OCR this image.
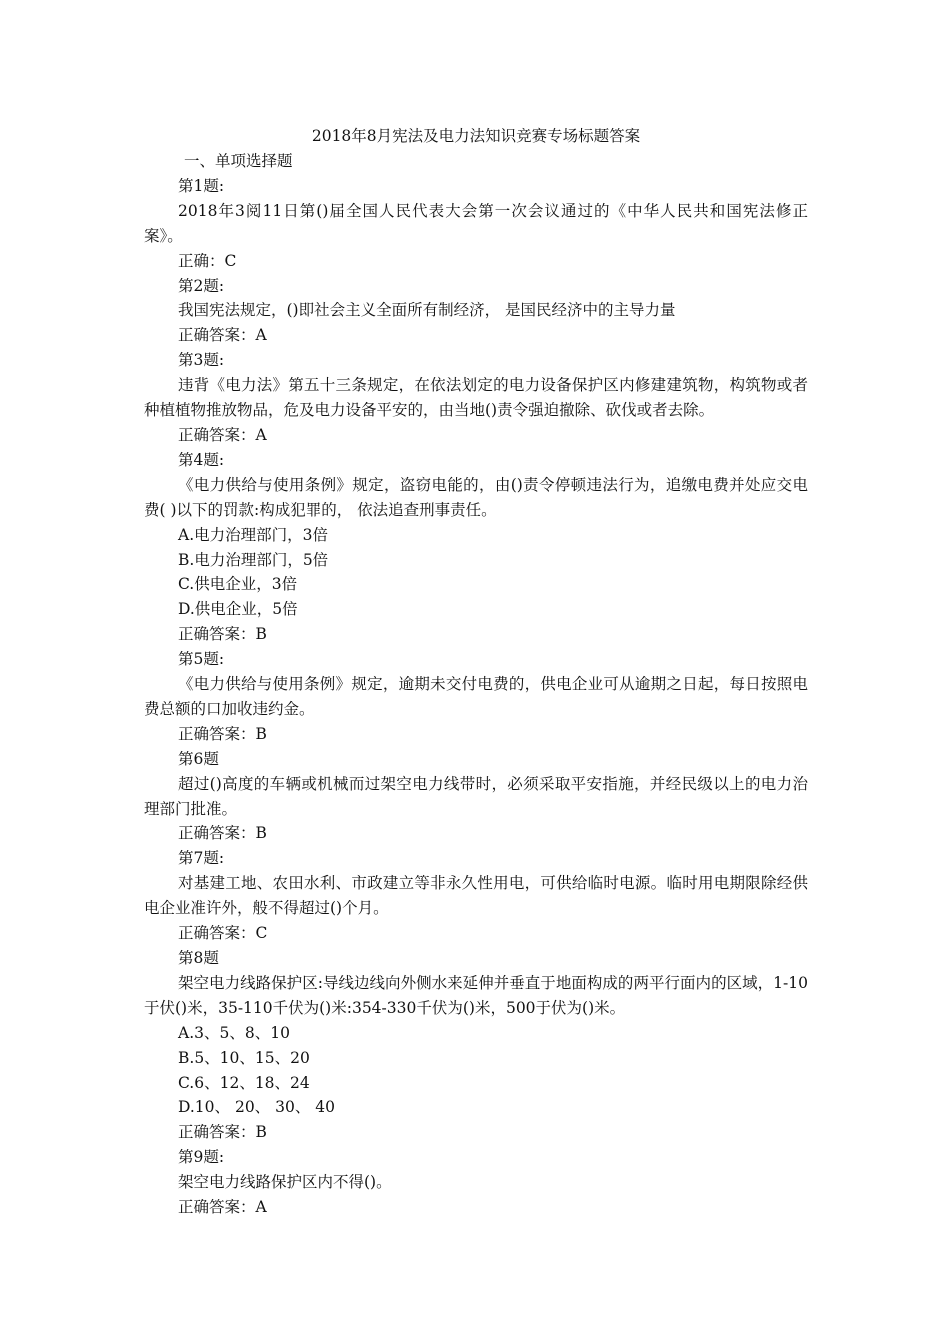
2018年8月宪法及电力法知识竞赛专场标题答案

一、单项选择题

第1题:

2018年3阅11日第()届全国人民代表大会第一次会议通过的《中华人民共和国宪法修正案》。

正确：C

第2题:

我国宪法规定，()即社会主义全面所有制经济， 是国民经济中的主导力量

正确答案：A

第3题:

违背《电力法》第五十三条规定，在依法划定的电力设备保护区内修建建筑物，构筑物或者种植植物推放物品，危及电力设备平安的，由当地()责令强迫撤除、砍伐或者去除。

正确答案：A

第4题:

《电力供给与使用条例》规定，盗窃电能的，由()责令停顿违法行为，追缴电费并处应交电费( )以下的罚款:构成犯罪的， 依法追查刑事责任。

A.电力治理部门，3倍

B.电力治理部门，5倍

C.供电企业，3倍

D.供电企业，5倍

正确答案：B

第5题:

《电力供给与使用条例》规定，逾期未交付电费的，供电企业可从逾期之日起，每日按照电费总额的口加收违约金。

正确答案：B

第6题

超过()高度的车辆或机械而过架空电力线带时，必须采取平安指施，并经民级以上的电力治理部门批准。

正确答案：B

第7题:

对基建工地、农田水利、市政建立等非永久性用电，可供给临时电源。临时用电期限除经供电企业准许外，般不得超过()个月。

正确答案：C

第8题

架空电力线路保护区:导线边线向外侧水来延伸并垂直于地面构成的两平行面内的区域，1-10于伏()米，35-110千伏为()米:354-330千伏为()米，500于伏为()米。

A.3、5、8、10

B.5、10、15、20

C.6、12、18、24

D.10、 20、 30、 40

正确答案：B

第9题:

架空电力线路保护区内不得()。

正确答案：A
